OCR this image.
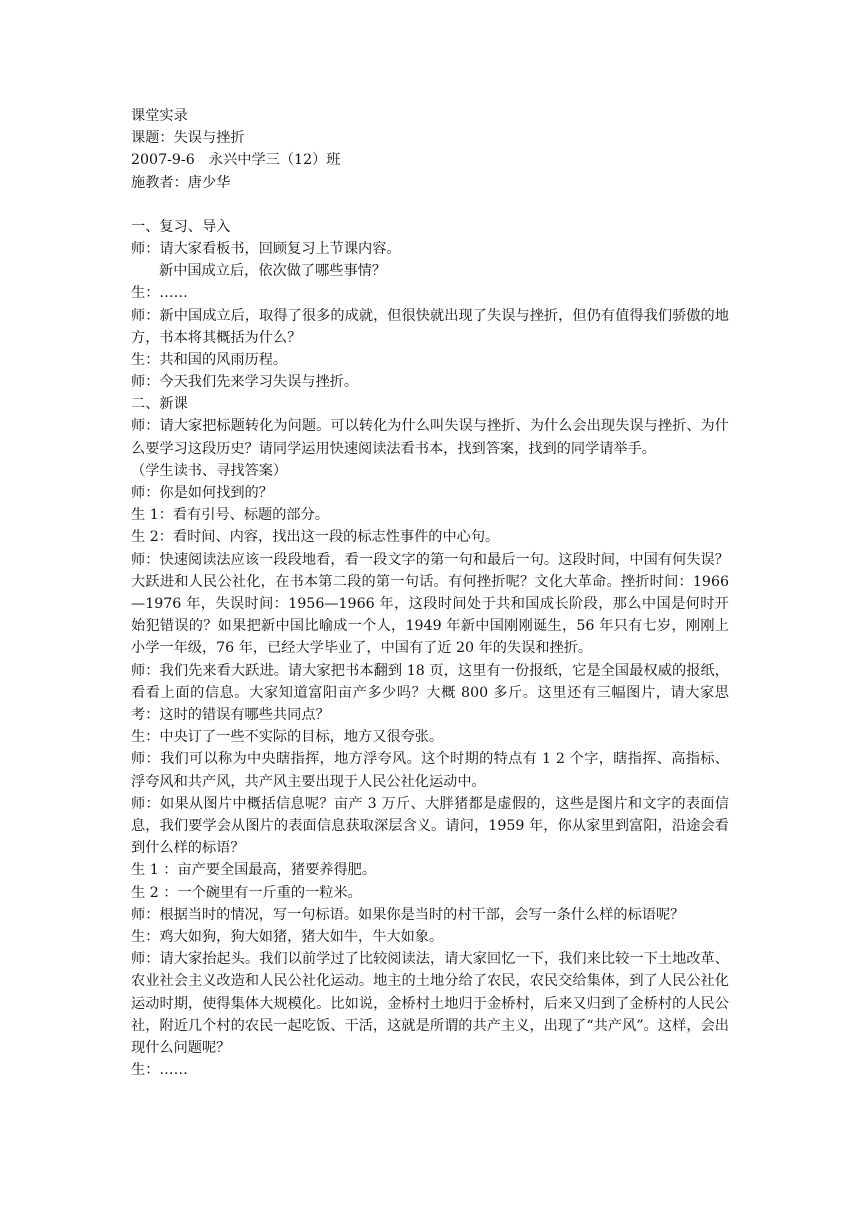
课堂实录
课题：失误与挫折
2007-9-6　永兴中学三（12）班
施教者：唐少华
一、复习、导入
师：请大家看板书，回顾复习上节课内容。
新中国成立后，依次做了哪些事情？
生：……
师：新中国成立后，取得了很多的成就，但很快就出现了失误与挫折，但仍有值得我们骄傲的地方，书本将其概括为什么？
生：共和国的风雨历程。
师：今天我们先来学习失误与挫折。
二、新课
师：请大家把标题转化为问题。可以转化为什么叫失误与挫折、为什么会出现失误与挫折、为什么要学习这段历史？请同学运用快速阅读法看书本，找到答案，找到的同学请举手。
（学生读书、寻找答案）
师：你是如何找到的？
生 1：看有引号、标题的部分。
生 2：看时间、内容，找出这一段的标志性事件的中心句。
师：快速阅读法应该一段段地看，看一段文字的第一句和最后一句。这段时间，中国有何失误？大跃进和人民公社化，在书本第二段的第一句话。有何挫折呢？文化大革命。挫折时间：1966—1976 年，失误时间：1956—1966 年，这段时间处于共和国成长阶段，那么中国是何时开始犯错误的？如果把新中国比喻成一个人，1949 年新中国刚刚诞生，56 年只有七岁，刚刚上小学一年级，76 年，已经大学毕业了，中国有了近 20 年的失误和挫折。
师：我们先来看大跃进。请大家把书本翻到 18 页，这里有一份报纸，它是全国最权威的报纸，看看上面的信息。大家知道富阳亩产多少吗？大概 800 多斤。这里还有三幅图片，请大家思考：这时的错误有哪些共同点？
生：中央订了一些不实际的目标，地方又很夸张。
师：我们可以称为中央瞎指挥，地方浮夸风。这个时期的特点有 1 2 个字，瞎指挥、高指标、浮夸风和共产风，共产风主要出现于人民公社化运动中。
师：如果从图片中概括信息呢？亩产 3 万斤、大胖猪都是虚假的，这些是图片和文字的表面信息，我们要学会从图片的表面信息获取深层含义。请问，1959 年，你从家里到富阳，沿途会看到什么样的标语？
生 1 ：亩产要全国最高，猪要养得肥。
生 2 ：一个碗里有一斤重的一粒米。
师：根据当时的情况，写一句标语。如果你是当时的村干部，会写一条什么样的标语呢？
生：鸡大如狗，狗大如猪，猪大如牛，牛大如象。
师：请大家抬起头。我们以前学过了比较阅读法，请大家回忆一下，我们来比较一下土地改革、农业社会主义改造和人民公社化运动。地主的土地分给了农民，农民交给集体，到了人民公社化运动时期，使得集体大规模化。比如说，金桥村土地归于金桥村，后来又归到了金桥村的人民公社，附近几个村的农民一起吃饭、干活，这就是所谓的共产主义，出现了“共产风”。这样，会出现什么问题呢？
生：……
